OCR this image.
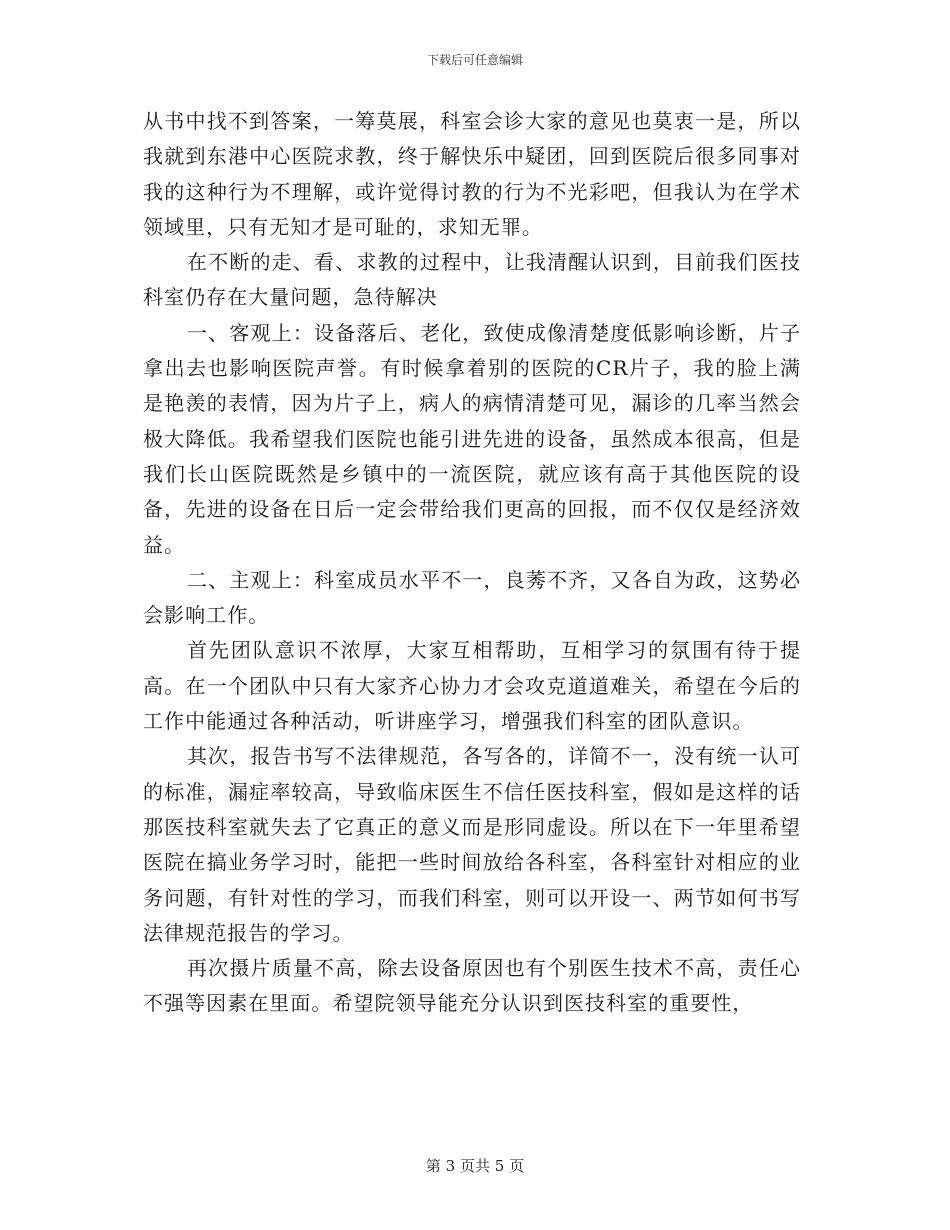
下载后可任意编辑

从书中找不到答案，一筹莫展，科室会诊大家的意见也莫衷一是，所以我就到东港中心医院求教，终于解快乐中疑团，回到医院后很多同事对我的这种行为不理解，或许觉得讨教的行为不光彩吧，但我认为在学术领域里，只有无知才是可耻的，求知无罪。

在不断的走、看、求教的过程中，让我清醒认识到，目前我们医技科室仍存在大量问题，急待解决

一、客观上：设备落后、老化，致使成像清楚度低影响诊断，片子拿出去也影响医院声誉。有时候拿着别的医院的CR片子，我的脸上满是艳羡的表情，因为片子上，病人的病情清楚可见，漏诊的几率当然会极大降低。我希望我们医院也能引进先进的设备，虽然成本很高，但是我们长山医院既然是乡镇中的一流医院，就应该有高于其他医院的设备，先进的设备在日后一定会带给我们更高的回报，而不仅仅是经济效益。

二、主观上：科室成员水平不一，良莠不齐，又各自为政，这势必会影响工作。

首先团队意识不浓厚，大家互相帮助，互相学习的氛围有待于提高。在一个团队中只有大家齐心协力才会攻克道道难关，希望在今后的工作中能通过各种活动，听讲座学习，增强我们科室的团队意识。

其次，报告书写不法律规范，各写各的，详简不一，没有统一认可的标准，漏症率较高，导致临床医生不信任医技科室，假如是这样的话那医技科室就失去了它真正的意义而是形同虚设。所以在下一年里希望医院在搞业务学习时，能把一些时间放给各科室，各科室针对相应的业务问题，有针对性的学习，而我们科室，则可以开设一、两节如何书写法律规范报告的学习。

再次摄片质量不高，除去设备原因也有个别医生技术不高，责任心不强等因素在里面。希望院领导能充分认识到医技科室的重要性，

第 3 页共 5 页
